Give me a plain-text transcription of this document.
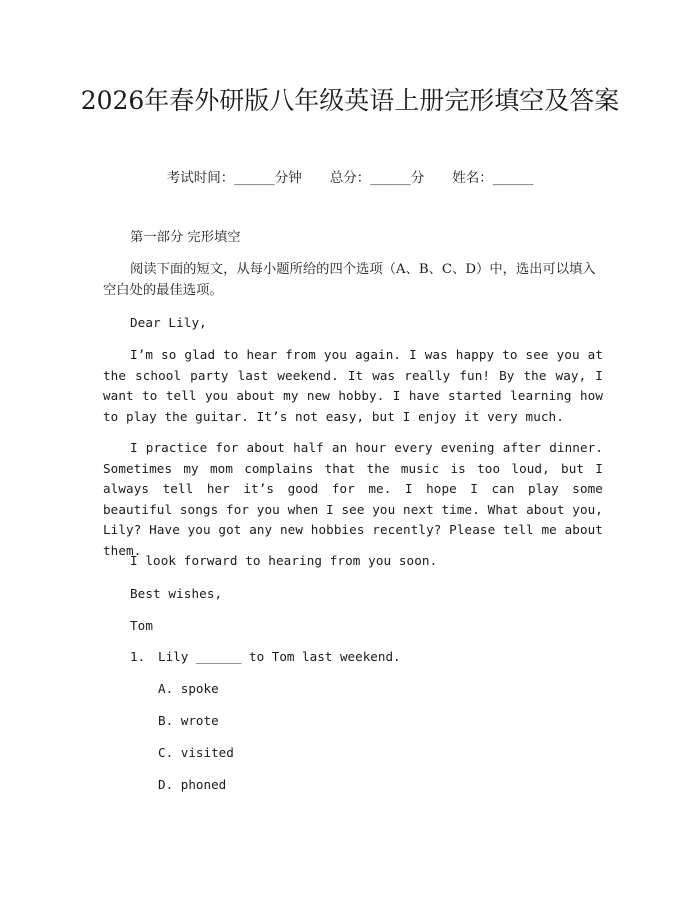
2026年春外研版八年级英语上册完形填空及答案
考试时间：______分钟 总分：______分 姓名：______

第一部分 完形填空

阅读下面的短文，从每小题所给的四个选项（A、B、C、D）中，选出可以填入空白处的最佳选项。

Dear Lily,

I’m so glad to hear from you again. I was happy to see you at the school party last weekend. It was really fun! By the way, I want to tell you about my new hobby. I have started learning how to play the guitar. It’s not easy, but I enjoy it very much.

I practice for about half an hour every evening after dinner. Sometimes my mom complains that the music is too loud, but I always tell her it’s good for me. I hope I can play some beautiful songs for you when I see you next time. What about you, Lily? Have you got any new hobbies recently? Please tell me about them.

I look forward to hearing from you soon.

Best wishes,

Tom

1. Lily ______ to Tom last weekend.
A. spoke
B. wrote
C. visited
D. phoned
